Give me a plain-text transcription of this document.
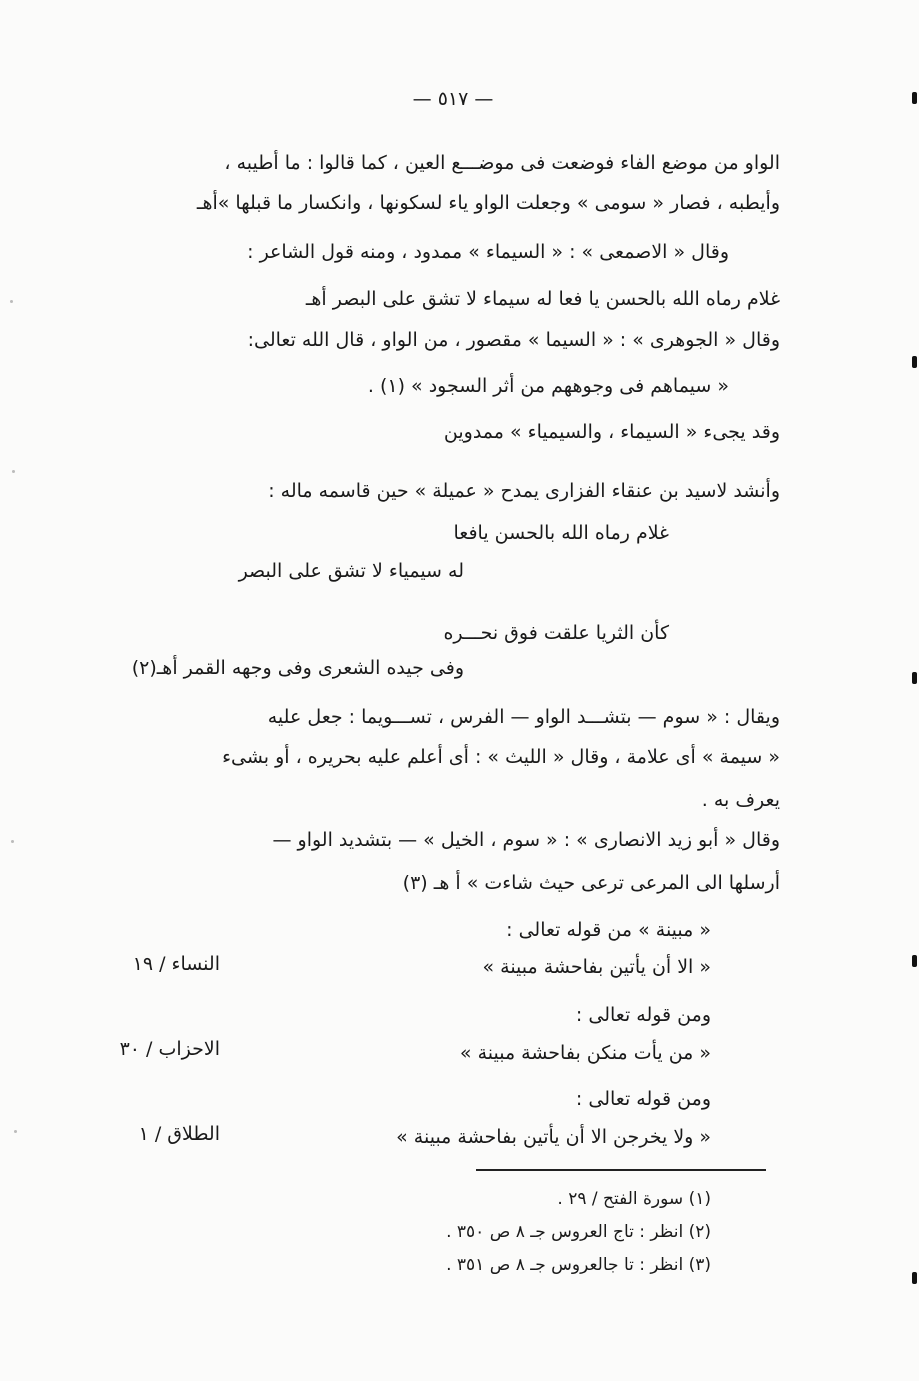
— ٥١٧ —
الواو من موضع الفاء فوضعت فى موضـــع العين ، كما قالوا : ما أطيبه ،
وأيطبه ، فصار « سومى » وجعلت الواو ياء لسكونها ، وانكسار ما قبلها »أهـ
وقال « الاصمعى » : « السيماء » ممدود ، ومنه قول الشاعر :
غلام رماه الله بالحسن يا فعا له سيماء لا تشق على البصر أهـ
وقال « الجوهرى » : « السيما » مقصور ، من الواو ، قال الله تعالى:
« سيماهم فى وجوههم من أثر السجود » (١) .
وقد يجىء « السيماء ، والسيمياء » ممدوين
وأنشد لاسيد بن عنقاء الفزارى يمدح « عميلة » حين قاسمه ماله :
غلام رماه الله بالحسن يافعا
له سيمياء لا تشق على البصر
كأن الثريا علقت فوق نحـــره
وفى جيده الشعرى وفى وجهه القمر أهـ(٢)
ويقال : « سوم — بتشـــد الواو — الفرس ، تســـويما : جعل عليه
« سيمة » أى علامة ، وقال « الليث » : أى أعلم عليه بحريره ، أو بشىء
يعرف به .
وقال « أبو زيد الانصارى » : « سوم ، الخيل » — بتشديد الواو —
أرسلها الى المرعى ترعى حيث شاءت » أ هـ (٣)
« مبينة » من قوله تعالى :
« الا أن يأتين بفاحشة مبينة »
النساء / ١٩
ومن قوله تعالى :
« من يأت منكن بفاحشة مبينة »
الاحزاب / ٣٠
ومن قوله تعالى :
« ولا يخرجن الا أن يأتين بفاحشة مبينة »
الطلاق / ١
(١) سورة الفتح / ٢٩ .
(٢) انظر : تاج العروس جـ ٨ ص ٣٥٠ .
(٣) انظر : تا جالعروس جـ ٨ ص ٣٥١ .
